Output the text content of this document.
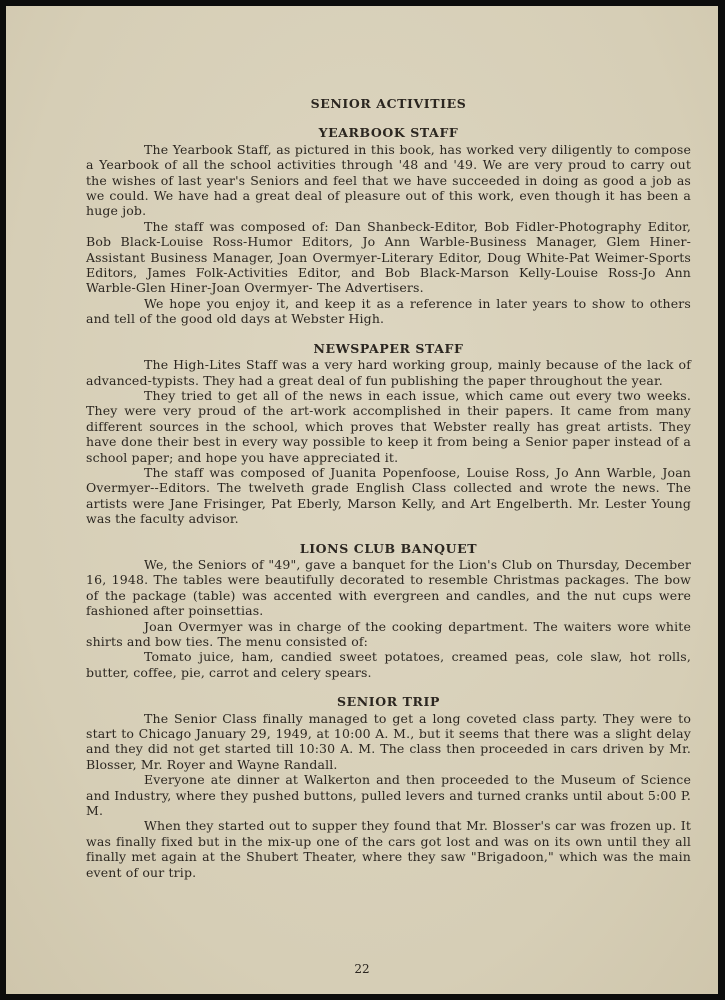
SENIOR ACTIVITIES
YEARBOOK STAFF

The Yearbook Staff, as pictured in this book, has worked very diligently to compose a Yearbook of all the school activities through '48 and '49. We are very proud to carry out the wishes of last year's Seniors and feel that we have succeeded in doing as good a job as we could. We have had a great deal of pleasure out of this work, even though it has been a huge job.

The staff was composed of: Dan Shanbeck-Editor, Bob Fidler-Photography Editor, Bob Black-Louise Ross-Humor Editors, Jo Ann Warble-Business Manager, Glem Hiner-Assistant Business Manager, Joan Overmyer-Literary Editor, Doug White-Pat Weimer-Sports Editors, James Folk-Activities Editor, and Bob Black-Marson Kelly-Louise Ross-Jo Ann Warble-Glen Hiner-Joan Overmyer- The Advertisers.

We hope you enjoy it, and keep it as a reference in later years to show to others and tell of the good old days at Webster High.

NEWSPAPER STAFF

The High-Lites Staff was a very hard working group, mainly because of the lack of advanced-typists. They had a great deal of fun publishing the paper throughout the year.

They tried to get all of the news in each issue, which came out every two weeks. They were very proud of the art-work accomplished in their papers. It came from many different sources in the school, which proves that Webster really has great artists. They have done their best in every way possible to keep it from being a Senior paper instead of a school paper; and hope you have appreciated it.

The staff was composed of Juanita Popenfoose, Louise Ross, Jo Ann Warble, Joan Overmyer--Editors. The twelveth grade English Class collected and wrote the news. The artists were Jane Frisinger, Pat Eberly, Marson Kelly, and Art Engelberth. Mr. Lester Young was the faculty advisor.

LIONS CLUB BANQUET

We, the Seniors of "49", gave a banquet for the Lion's Club on Thursday, December 16, 1948. The tables were beautifully decorated to resemble Christmas packages. The bow of the package (table) was accented with evergreen and candles, and the nut cups were fashioned after poinsettias.

Joan Overmyer was in charge of the cooking department. The waiters wore white shirts and bow ties. The menu consisted of:

Tomato juice, ham, candied sweet potatoes, creamed peas, cole slaw, hot rolls, butter, coffee, pie, carrot and celery spears.

SENIOR TRIP

The Senior Class finally managed to get a long coveted class party. They were to start to Chicago January 29, 1949, at 10:00 A. M., but it seems that there was a slight delay and they did not get started till 10:30 A. M. The class then proceeded in cars driven by Mr. Blosser, Mr. Royer and Wayne Randall.

Everyone ate dinner at Walkerton and then proceeded to the Museum of Science and Industry, where they pushed buttons, pulled levers and turned cranks until about 5:00 P. M.

When they started out to supper they found that Mr. Blosser's car was frozen up. It was finally fixed but in the mix-up one of the cars got lost and was on its own until they all finally met again at the Shubert Theater, where they saw "Brigadoon," which was the main event of our trip.

22
